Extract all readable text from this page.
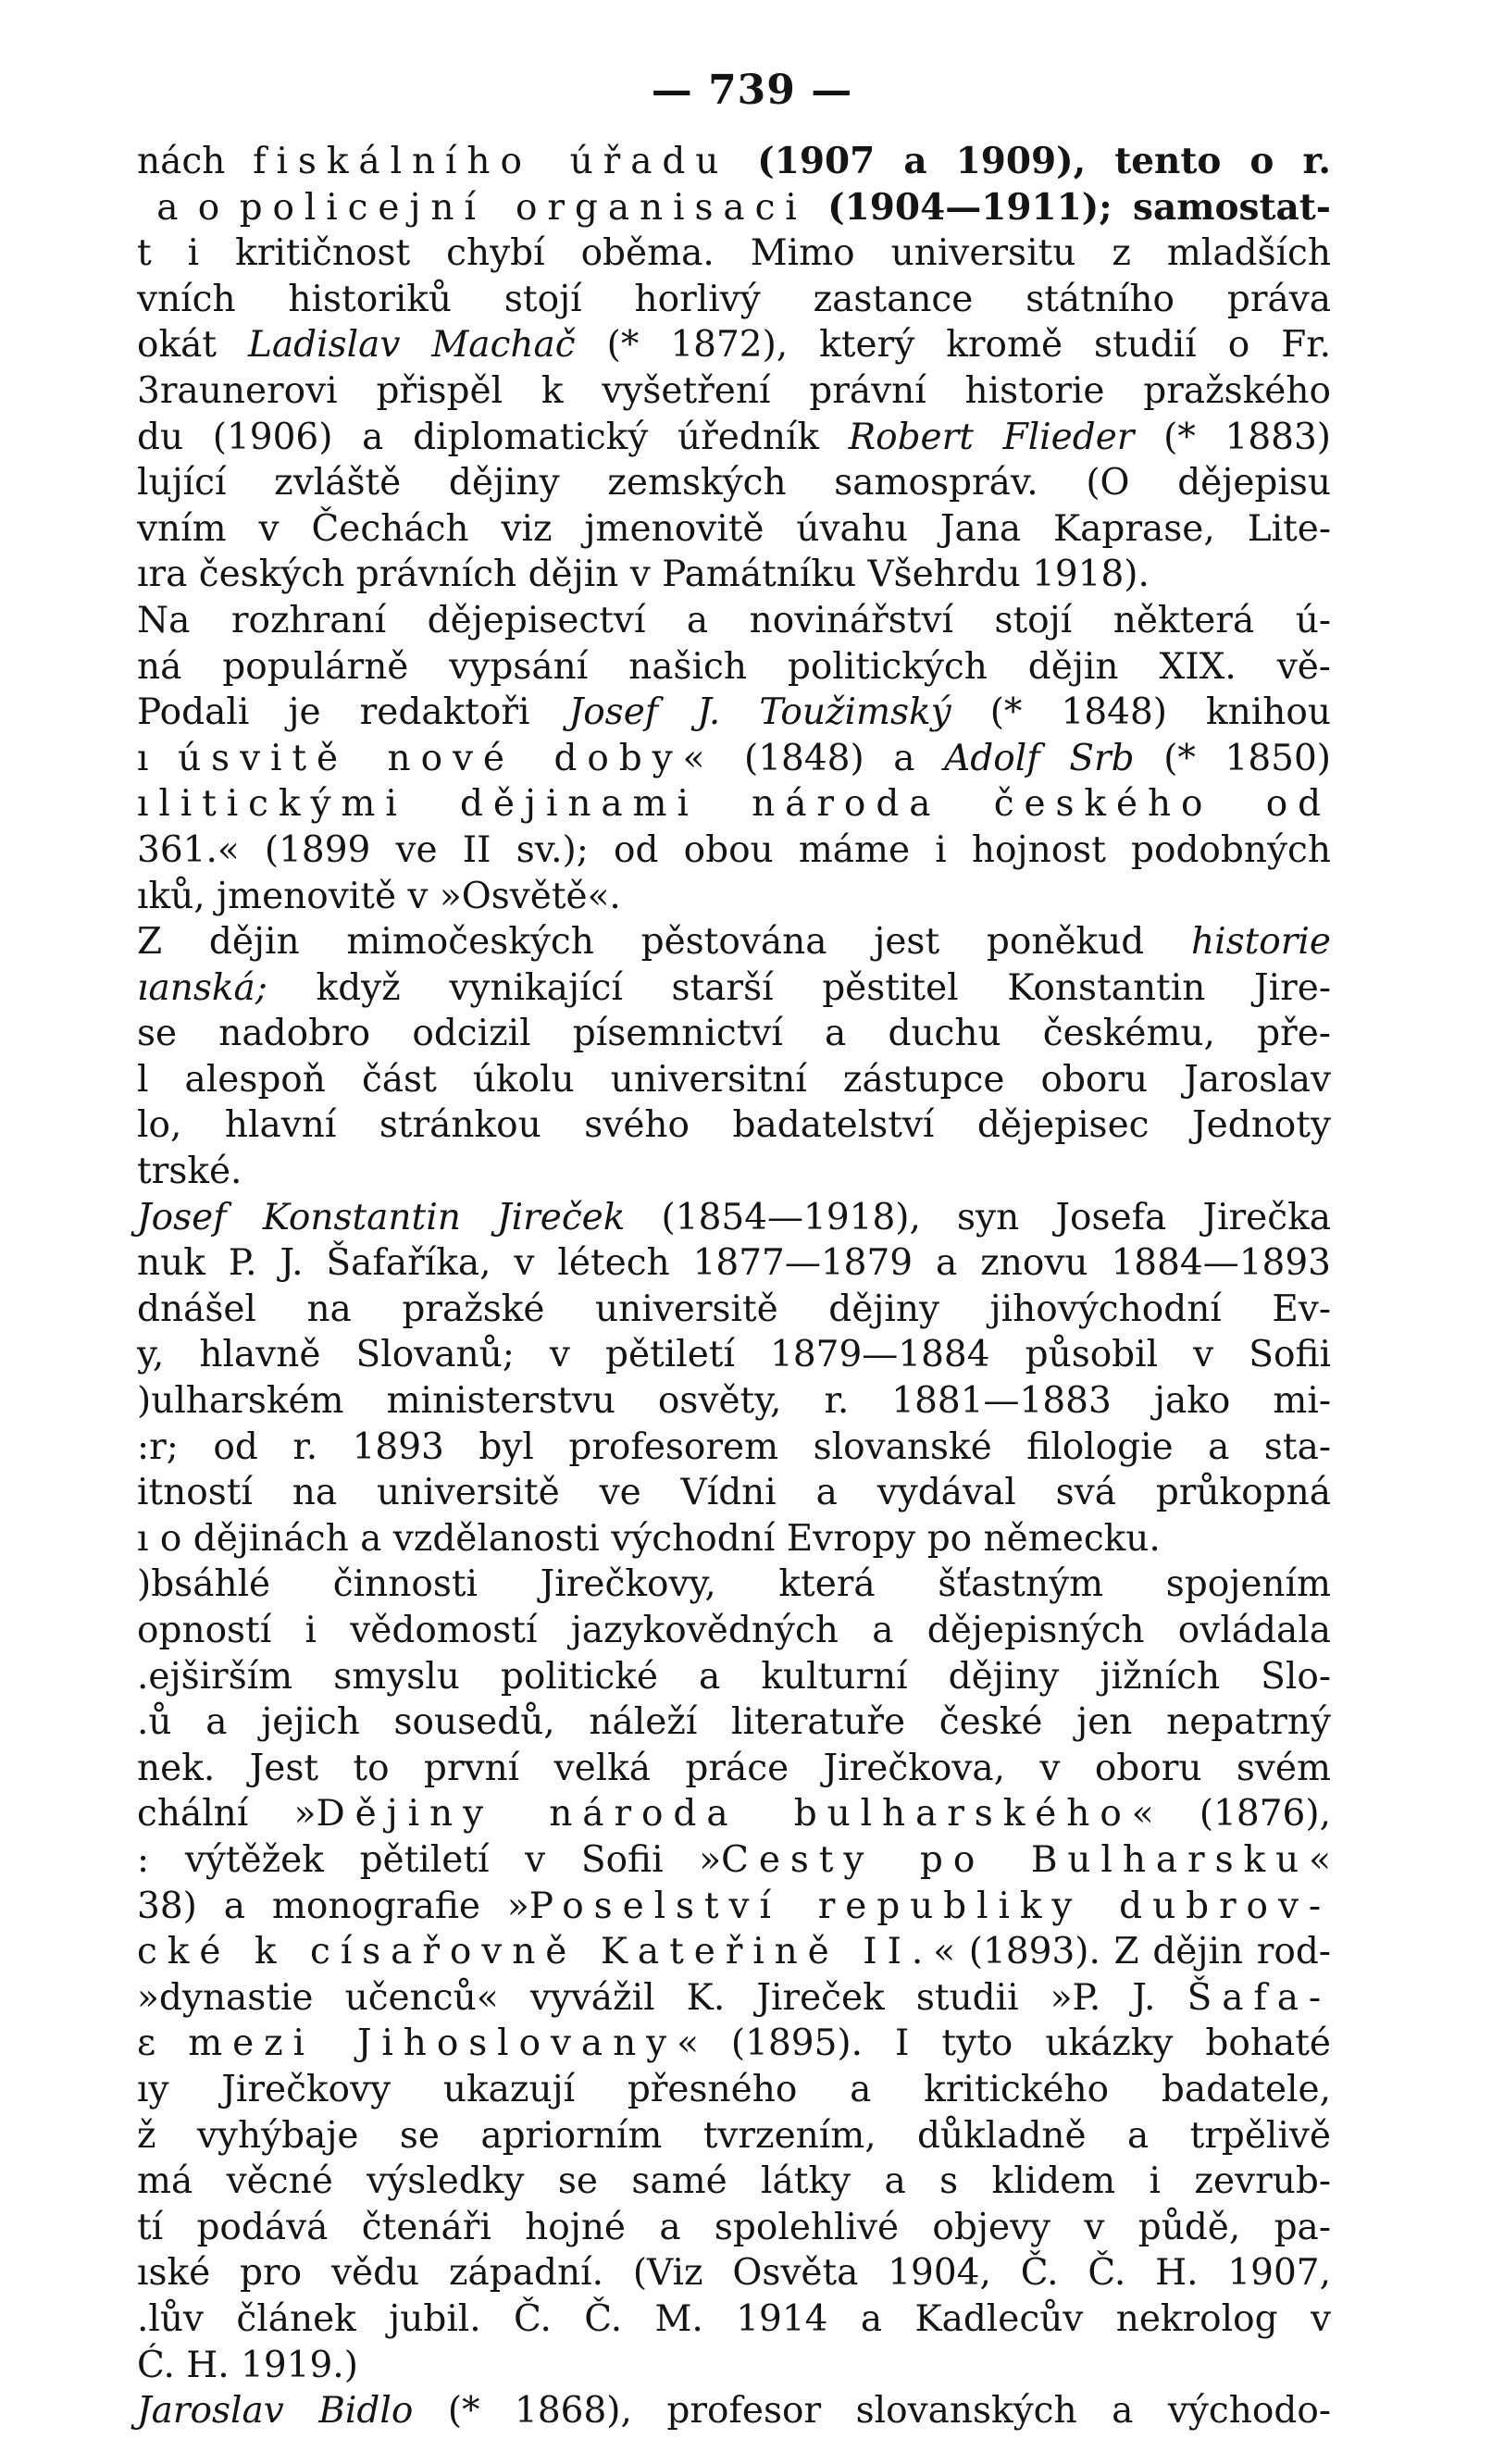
— 739 —
nách fiskálního úřadu (1907 a 1909), tento o r.
a o policejní organisaci (1904—1911); samostat-
t i kritičnost chybí oběma. Mimo universitu z mladších
vních historiků stojí horlivý zastance státního práva
okát Ladislav Machač (* 1872), který kromě studií o Fr.
3raunerovi přispěl k vyšetření právní historie pražského
du (1906) a diplomatický úředník Robert Flieder (* 1883)
lující zvláště dějiny zemských samospráv. (O dějepisu
vním v Čechách viz jmenovitě úvahu Jana Kaprase, Lite-
ıra českých právních dějin v Památníku Všehrdu 1918).
Na rozhraní dějepisectví a novinářství stojí některá ú-
ná populárně vypsání našich politických dějin XIX. vě-
Podali je redaktoři Josef J. Toužimský (* 1848) knihou
ı úsvitě nové doby« (1848) a Adolf Srb (* 1850)
ılitickými dějinami národa českého od
361.« (1899 ve II sv.); od obou máme i hojnost podobných
ıků, jmenovitě v »Osvětě«.
Z dějin mimočeských pěstována jest poněkud historie
ıanská; když vynikající starší pěstitel Konstantin Jire-
se nadobro odcizil písemnictví a duchu českému, pře-
l alespoň část úkolu universitní zástupce oboru Jaroslav
lo, hlavní stránkou svého badatelství dějepisec Jednoty
trské.
Josef Konstantin Jireček (1854—1918), syn Josefa Jirečka
nuk P. J. Šafaříka, v létech 1877—1879 a znovu 1884—1893
dnášel na pražské universitě dějiny jihovýchodní Ev-
y, hlavně Slovanů; v pětiletí 1879—1884 působil v Sofii
)ulharském ministerstvu osvěty, r. 1881—1883 jako mi-
:r; od r. 1893 byl profesorem slovanské filologie a sta-
itností na universitě ve Vídni a vydával svá průkopná
ı o dějinách a vzdělanosti východní Evropy po německu.
)bsáhlé činnosti Jirečkovy, která šťastným spojením
opností i vědomostí jazykovědných a dějepisných ovládala
.ejširším smyslu politické a kulturní dějiny jižních Slo-
.ů a jejich sousedů, náleží literatuře české jen nepatrný
nek. Jest to první velká práce Jirečkova, v oboru svém
chální »Dějiny národa bulharského« (1876),
: výtěžek pětiletí v Sofii »Cesty po Bulharsku«
38) a monografie »Poselství republiky dubrov-
cké k císařovně Kateřině II.« (1893). Z dějin rod-
»dynastie učenců« vyvážil K. Jireček studii »P. J. Šafa-
ɛ mezi Jihoslovany« (1895). I tyto ukázky bohaté
ıy Jirečkovy ukazují přesného a kritického badatele,
ž vyhýbaje se apriorním tvrzením, důkladně a trpělivě
má věcné výsledky se samé látky a s klidem i zevrub-
tí podává čtenáři hojné a spolehlivé objevy v půdě, pa-
ıské pro vědu západní. (Viz Osvěta 1904, Č. Č. H. 1907,
.lův článek jubil. Č. Č. M. 1914 a Kadlecův nekrolog v
Ć. H. 1919.)
Jaroslav Bidlo (* 1868), profesor slovanských a východo-
